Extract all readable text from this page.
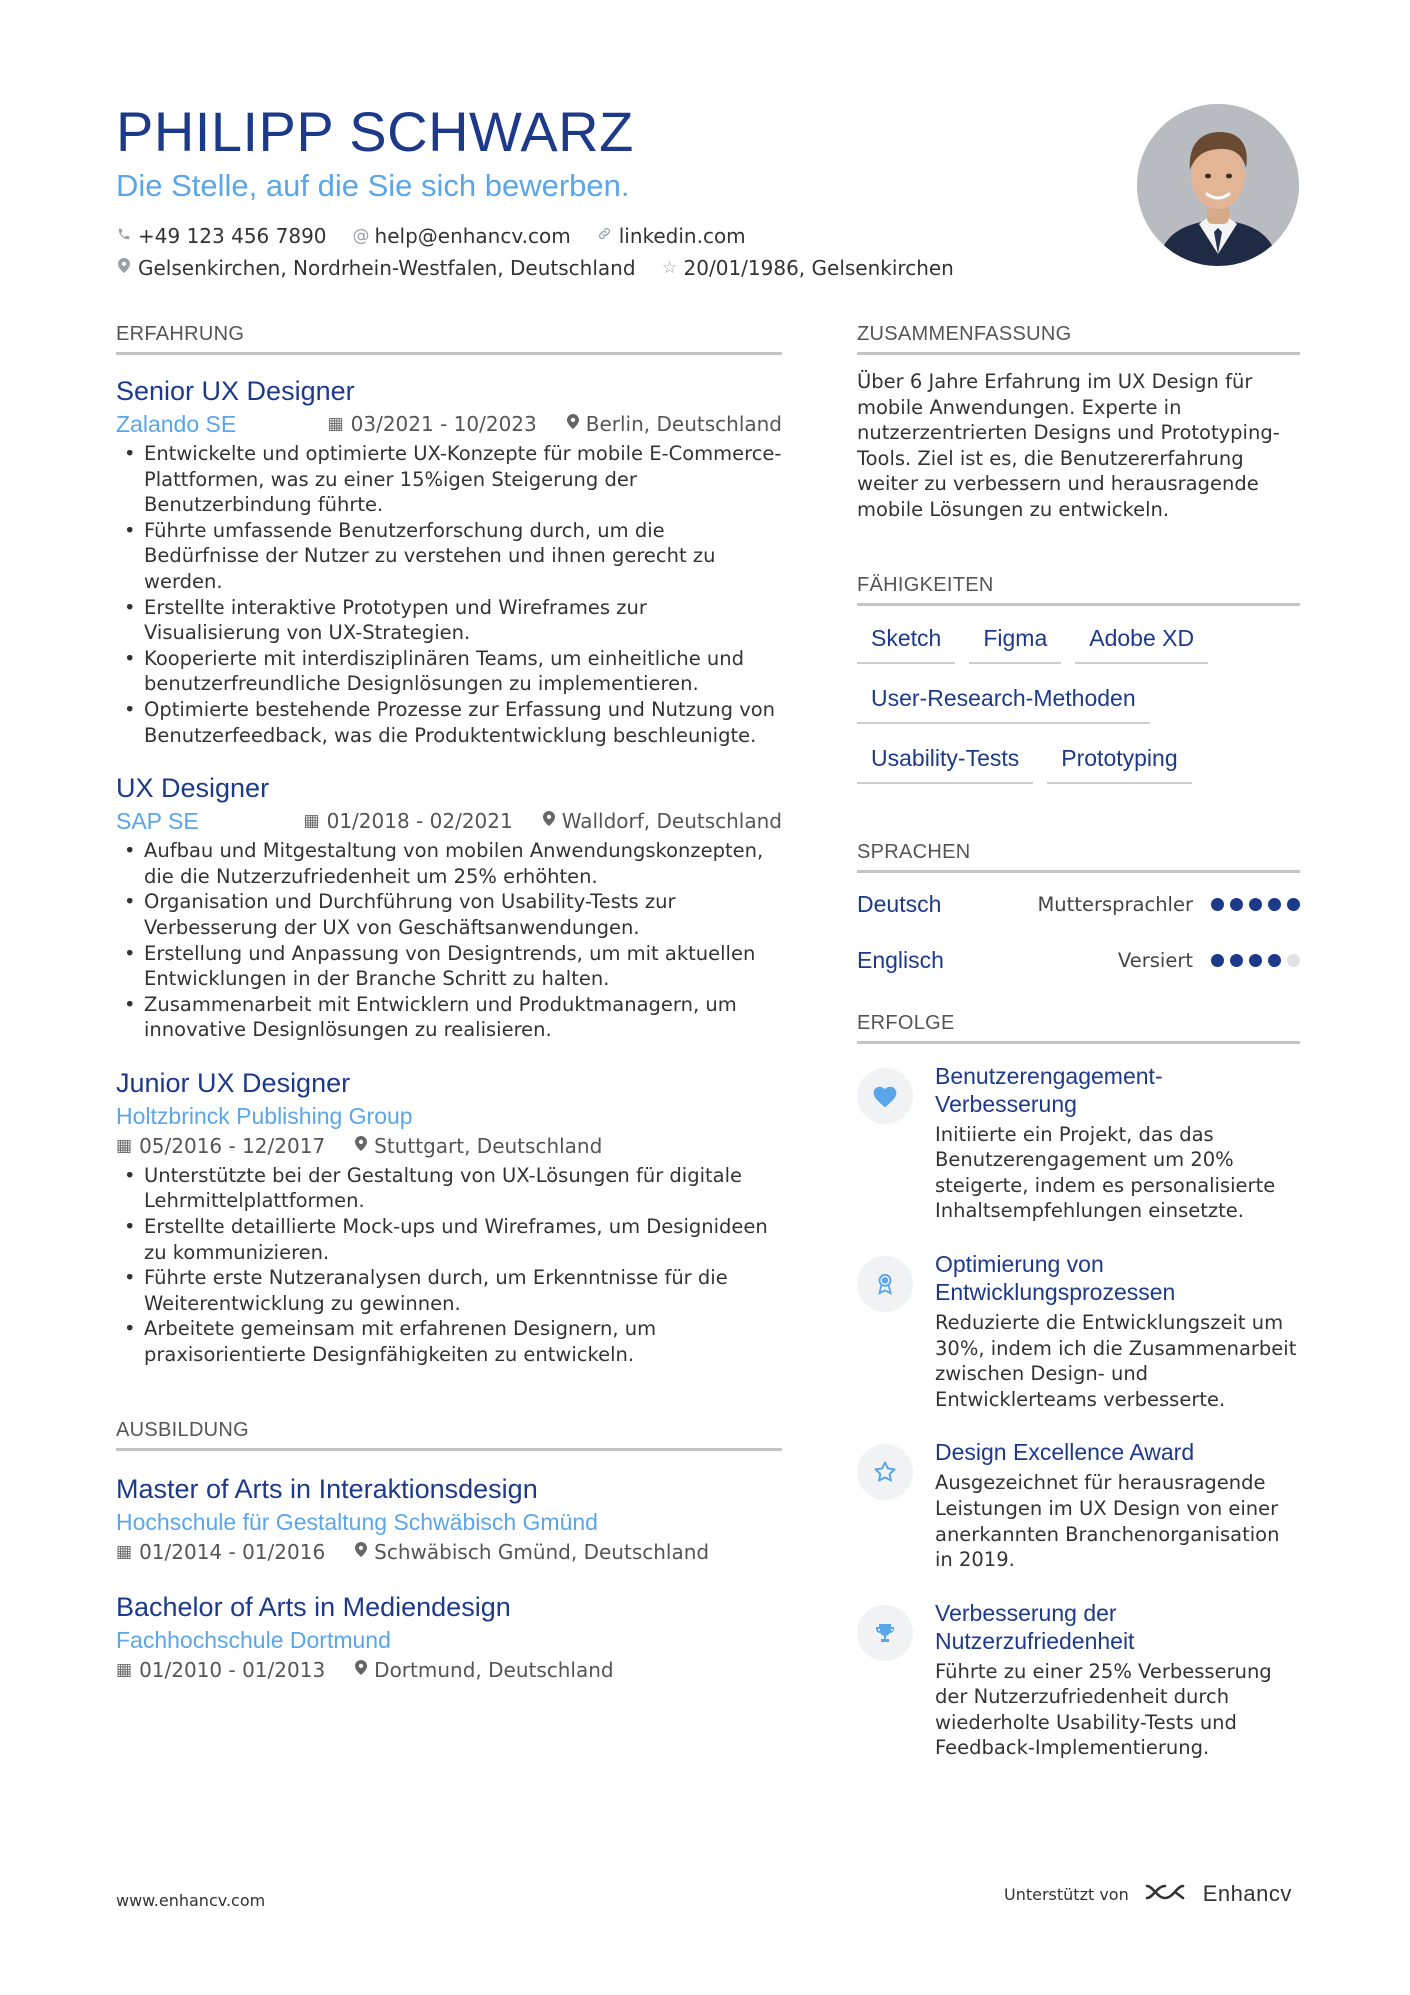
PHILIPP SCHWARZ
Die Stelle, auf die Sie sich bewerben.
+49 123 456 7890 @ help@enhancv.com linkedin.com
Gelsenkirchen, Nordrhein-Westfalen, Deutschland ☆ 20/01/1986, Gelsenkirchen
ERFAHRUNG
Senior UX Designer
Zalando SE	▦ 03/2021 - 10/2023 Berlin, Deutschland
• Entwickelte und optimierte UX-Konzepte für mobile E-Commerce-Plattformen, was zu einer 15%igen Steigerung der Benutzerbindung führte.
• Führte umfassende Benutzerforschung durch, um die Bedürfnisse der Nutzer zu verstehen und ihnen gerecht zu werden.
• Erstellte interaktive Prototypen und Wireframes zur Visualisierung von UX-Strategien.
• Kooperierte mit interdisziplinären Teams, um einheitliche und benutzerfreundliche Designlösungen zu implementieren.
• Optimierte bestehende Prozesse zur Erfassung und Nutzung von Benutzerfeedback, was die Produktentwicklung beschleunigte.
UX Designer
SAP SE	▦ 01/2018 - 02/2021 Walldorf, Deutschland
• Aufbau und Mitgestaltung von mobilen Anwendungskonzepten, die die Nutzerzufriedenheit um 25% erhöhten.
• Organisation und Durchführung von Usability-Tests zur Verbesserung der UX von Geschäftsanwendungen.
• Erstellung und Anpassung von Designtrends, um mit aktuellen Entwicklungen in der Branche Schritt zu halten.
• Zusammenarbeit mit Entwicklern und Produktmanagern, um innovative Designlösungen zu realisieren.
Junior UX Designer
Holtzbrinck Publishing Group
▦ 05/2016 - 12/2017 Stuttgart, Deutschland
• Unterstützte bei der Gestaltung von UX-Lösungen für digitale Lehrmittelplattformen.
• Erstellte detaillierte Mock-ups und Wireframes, um Designideen zu kommunizieren.
• Führte erste Nutzeranalysen durch, um Erkenntnisse für die Weiterentwicklung zu gewinnen.
• Arbeitete gemeinsam mit erfahrenen Designern, um praxisorientierte Designfähigkeiten zu entwickeln.
AUSBILDUNG
Master of Arts in Interaktionsdesign
Hochschule für Gestaltung Schwäbisch Gmünd
▦ 01/2014 - 01/2016 Schwäbisch Gmünd, Deutschland
Bachelor of Arts in Mediendesign
Fachhochschule Dortmund
▦ 01/2010 - 01/2013 Dortmund, Deutschland
ZUSAMMENFASSUNG
Über 6 Jahre Erfahrung im UX Design für mobile Anwendungen. Experte in nutzerzentrierten Designs und Prototyping-Tools. Ziel ist es, die Benutzererfahrung weiter zu verbessern und herausragende mobile Lösungen zu entwickeln.
FÄHIGKEITEN
Sketch	Figma	Adobe XD
User-Research-Methoden
Usability-Tests	Prototyping
SPRACHEN
Deutsch	Muttersprachler
Englisch	Versiert
ERFOLGE
Benutzerengagement-Verbesserung
Initiierte ein Projekt, das das Benutzerengagement um 20% steigerte, indem es personalisierte Inhaltsempfehlungen einsetzte.
Optimierung von Entwicklungsprozessen
Reduzierte die Entwicklungszeit um 30%, indem ich die Zusammenarbeit zwischen Design- und Entwicklerteams verbesserte.
Design Excellence Award
Ausgezeichnet für herausragende Leistungen im UX Design von einer anerkannten Branchenorganisation in 2019.
Verbesserung der Nutzerzufriedenheit
Führte zu einer 25% Verbesserung der Nutzerzufriedenheit durch wiederholte Usability-Tests und Feedback-Implementierung.
www.enhancv.com	Unterstützt von	Enhancv
